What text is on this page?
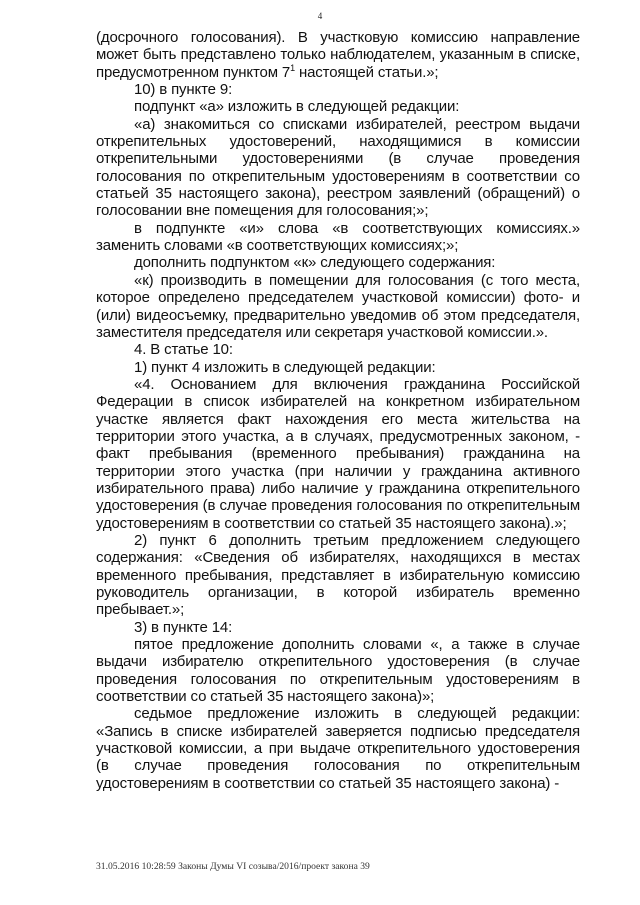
4

(досрочного голосования). В участковую комиссию направление может быть представлено только наблюдателем, указанным в списке, предусмотренном пунктом $7^1$ настоящей статьи.»;

10) в пункте 9:

подпункт «а» изложить в следующей редакции:

«а) знакомиться со списками избирателей, реестром выдачи открепительных удостоверений, находящимися в комиссии открепительными удостоверениями (в случае проведения голосования по открепительным удостоверениям в соответствии со статьей 35 настоящего закона), реестром заявлений (обращений) о голосовании вне помещения для голосования;»;

в подпункте «и» слова «в соответствующих комиссиях.» заменить словами «в соответствующих комиссиях;»;

дополнить подпунктом «к» следующего содержания:

«к) производить в помещении для голосования (с того места, которое определено председателем участковой комиссии) фото- и (или) видеосъемку, предварительно уведомив об этом председателя, заместителя председателя или секретаря участковой комиссии.».

4. В статье 10:

1) пункт 4 изложить в следующей редакции:

«4. Основанием для включения гражданина Российской Федерации в список избирателей на конкретном избирательном участке является факт нахождения его места жительства на территории этого участка, а в случаях, предусмотренных законом, - факт пребывания (временного пребывания) гражданина на территории этого участка (при наличии у гражданина активного избирательного права) либо наличие у гражданина открепительного удостоверения (в случае проведения голосования по открепительным удостоверениям в соответствии со статьей 35 настоящего закона).»;

2) пункт 6 дополнить третьим предложением следующего содержания: «Сведения об избирателях, находящихся в местах временного пребывания, представляет в избирательную комиссию руководитель организации, в которой избиратель временно пребывает.»;

3) в пункте 14:

пятое предложение дополнить словами «, а также в случае выдачи избирателю открепительного удостоверения (в случае проведения голосования по открепительным удостоверениям в соответствии со статьей 35 настоящего закона)»;

седьмое предложение изложить в следующей редакции: «Запись в списке избирателей заверяется подписью председателя участковой комиссии, а при выдаче открепительного удостоверения (в случае проведения голосования по открепительным удостоверениям в соответствии со статьей 35 настоящего закона) -

31.05.2016 10:28:59 Законы Думы VI созыва/2016/проект закона 39
